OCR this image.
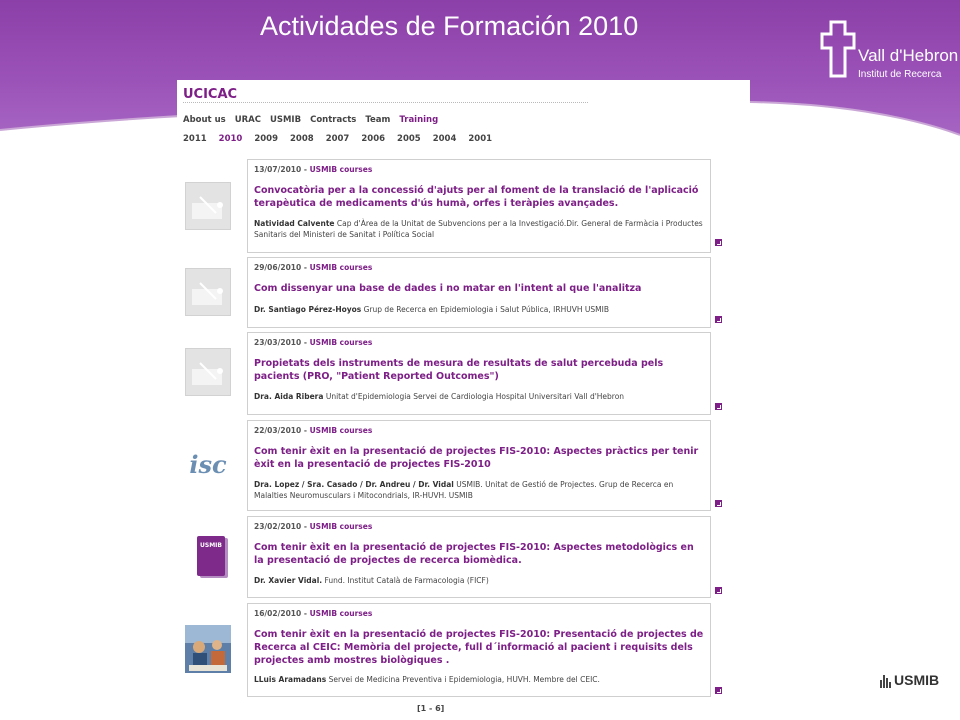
Actividades de Formación 2010
Vall d'Hebron
Institut de Recerca
UCICAC
About us URAC USMIB Contracts Team Training
2011 2010 2009 2008 2007 2006 2005 2004 2001
13/07/2010 - USMIB courses
Convocatòria per a la concessió d'ajuts per al foment de la translació de l'aplicació terapèutica de medicaments d'ús humà, orfes i teràpies avançades.
Natividad Calvente Cap d'Àrea de la Unitat de Subvencions per a la Investigació.Dir. General de Farmàcia i Productes Sanitaris del Ministeri de Sanitat i Política Social
29/06/2010 - USMIB courses
Com dissenyar una base de dades i no matar en l'intent al que l'analitza
Dr. Santiago Pérez-Hoyos Grup de Recerca en Epidemiologia i Salut Pública, IRHUVH USMIB
23/03/2010 - USMIB courses
Propietats dels instruments de mesura de resultats de salut percebuda pels pacients (PRO, "Patient Reported Outcomes")
Dra. Aida Ribera Unitat d'Epidemiologia Servei de Cardiologia Hospital Universitari Vall d'Hebron
isc
22/03/2010 - USMIB courses
Com tenir èxit en la presentació de projectes FIS-2010: Aspectes pràctics per tenir èxit en la presentació de projectes FIS-2010
Dra. Lopez / Sra. Casado / Dr. Andreu / Dr. Vidal USMIB. Unitat de Gestió de Projectes. Grup de Recerca en Malalties Neuromusculars i Mitocondrials, IR-HUVH. USMIB
USMIB
23/02/2010 - USMIB courses
Com tenir èxit en la presentació de projectes FIS-2010: Aspectes metodològics en la presentació de projectes de recerca biomèdica.
Dr. Xavier Vidal. Fund. Institut Català de Farmacologia (FICF)
16/02/2010 - USMIB courses
Com tenir èxit en la presentació de projectes FIS-2010: Presentació de projectes de Recerca al CEIC: Memòria del projecte, full d´informació al pacient i requisits dels projectes amb mostres biològiques .
LLuis Aramadans Servei de Medicina Preventiva i Epidemiologia, HUVH. Membre del CEIC.
[1 - 6]
USMIB
